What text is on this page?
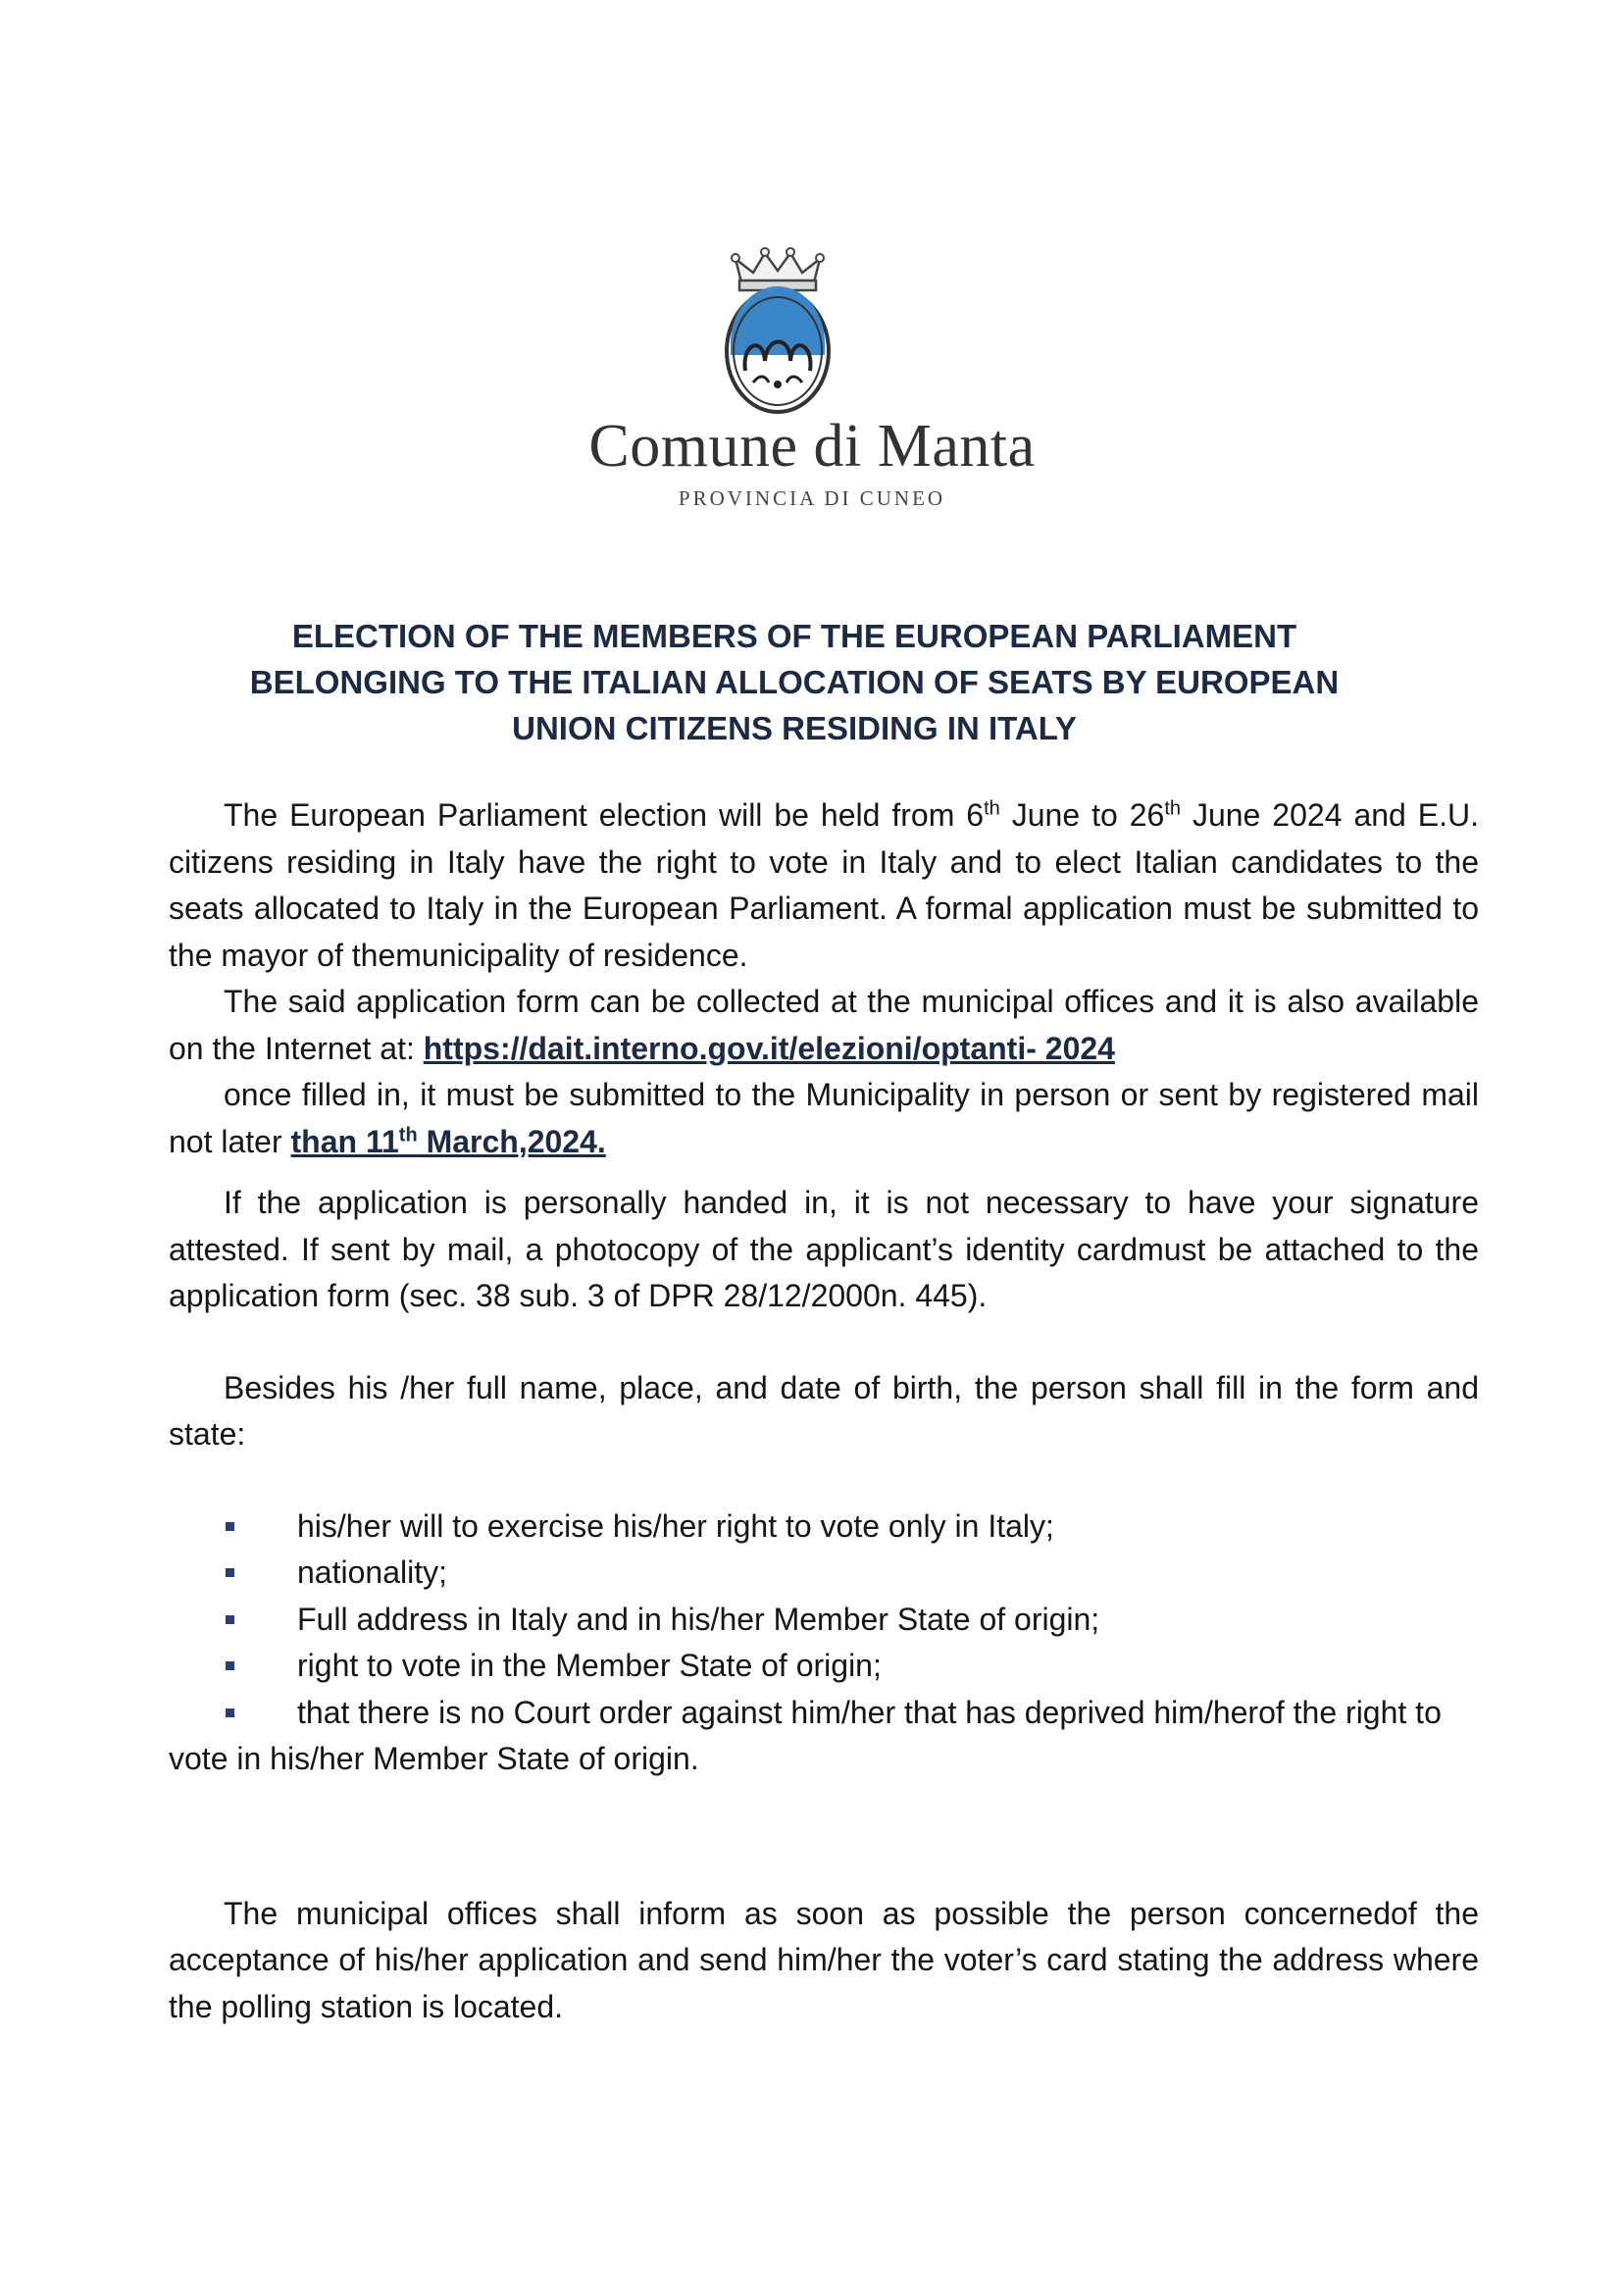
Comune di Manta
PROVINCIA DI CUNEO
ELECTION OF THE MEMBERS OF THE EUROPEAN PARLIAMENT
BELONGING TO THE ITALIAN ALLOCATION OF SEATS BY EUROPEAN
UNION CITIZENS RESIDING IN ITALY

The European Parliament election will be held from 6th June to 26th June 2024 and E.U. citizens residing in Italy have the right to vote in Italy and to elect Italian candidates to the seats allocated to Italy in the European Parliament. A formal application must be submitted to the mayor of themunicipality of residence.

The said application form can be collected at the municipal offices and it is also available on the Internet at: https://dait.interno.gov.it/elezioni/optanti- 2024

once filled in, it must be submitted to the Municipality in person or sent by registered mail not later than 11th March,2024.

If the application is personally handed in, it is not necessary to have your signature attested. If sent by mail, a photocopy of the applicant’s identity cardmust be attached to the application form (sec. 38 sub. 3 of DPR 28/12/2000n. 445).

Besides his /her full name, place, and date of birth, the person shall fill in the form and state:

his/her will to exercise his/her right to vote only in Italy;
nationality;
Full address in Italy and in his/her Member State of origin;
right to vote in the Member State of origin;
that there is no Court order against him/her that has deprived him/herof the right to vote in his/her Member State of origin.

The municipal offices shall inform as soon as possible the person concernedof the acceptance of his/her application and send him/her the voter’s card stating the address where the polling station is located.
